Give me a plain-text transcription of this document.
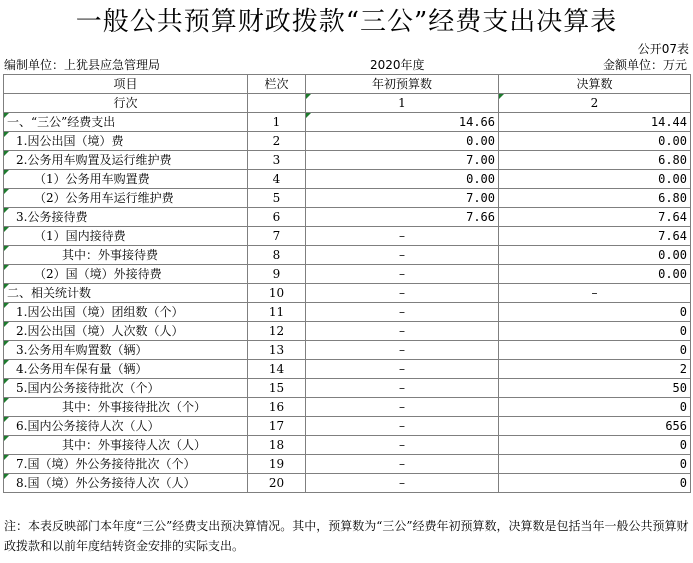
一般公共预算财政拨款“三公”经费支出决算表
公开07表
编制单位：上犹县应急管理局	2020年度	金额单位：万元
项目	栏次	年初预算数	决算数
行次		1	2
一、“三公”经费支出	1	14.66	14.44
1.因公出国（境）费	2	0.00	0.00
2.公务用车购置及运行维护费	3	7.00	6.80
（1）公务用车购置费	4	0.00	0.00
（2）公务用车运行维护费	5	7.00	6.80
3.公务接待费	6	7.66	7.64
（1）国内接待费	7	–	7.64
其中：外事接待费	8	–	0.00
（2）国（境）外接待费	9	–	0.00
二、相关统计数	10	–	–
1.因公出国（境）团组数（个）	11	–	0
2.因公出国（境）人次数（人）	12	–	0
3.公务用车购置数（辆）	13	–	0
4.公务用车保有量（辆）	14	–	2
5.国内公务接待批次（个）	15	–	50
其中：外事接待批次（个）	16	–	0
6.国内公务接待人次（人）	17	–	656
其中：外事接待人次（人）	18	–	0
7.国（境）外公务接待批次（个）	19	–	0
8.国（境）外公务接待人次（人）	20	–	0
注：本表反映部门本年度“三公”经费支出预决算情况。其中，预算数为“三公”经费年初预算数，决算数是包括当年一般公共预算财政拨款和以前年度结转资金安排的实际支出。
